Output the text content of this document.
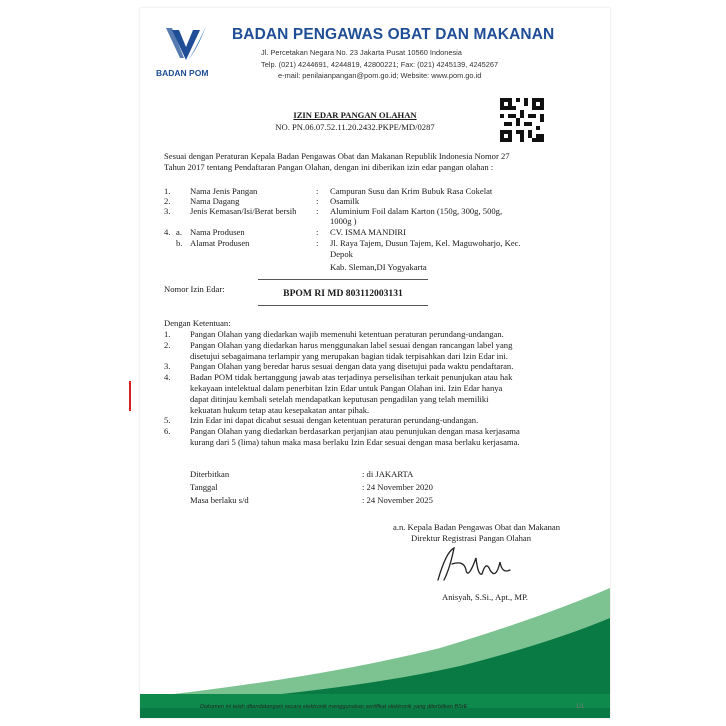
BADAN POM
BADAN PENGAWAS OBAT DAN MAKANAN
Jl. Percetakan Negara No. 23 Jakarta Pusat 10560 Indonesia
Telp. (021) 4244691, 4244819, 42800221; Fax: (021) 4245139, 4245267
e-mail: penilaianpangan@pom.go.id; Website: www.pom.go.id
IZIN EDAR PANGAN OLAHAN
NO. PN.06.07.52.11.20.2432.PKPE/MD/0287
Sesuai dengan Peraturan Kepala Badan Pengawas Obat dan Makanan Republik Indonesia Nomor 27
Tahun 2017 tentang Pendaftaran Pangan Olahan, dengan ini diberikan izin edar pangan olahan :
1. Nama Jenis Pangan	: Campuran Susu dan Krim Bubuk Rasa Cokelat
2. Nama Dagang	: Osamilk
3. Jenis Kemasan/Isi/Berat bersih : Aluminium Foil dalam Karton (150g, 300g, 500g,
1000g )
4. a. Nama Produsen	: CV. ISMA MANDIRI
b. Alamat Produsen	: Jl. Raya Tajem, Dusun Tajem, Kel. Maguwoharjo, Kec.
Depok
Kab. Sleman,DI Yogyakarta
Nomor Izin Edar:	BPOM RI MD 803112003131
Dengan Ketentuan:
1. Pangan Olahan yang diedarkan wajib memenuhi ketentuan peraturan perundang-undangan.
2. Pangan Olahan yang diedarkan harus menggunakan label sesuai dengan rancangan label yang
disetujui sebagaimana terlampir yang merupakan bagian tidak terpisahkan dari Izin Edar ini.
3. Pangan Olahan yang beredar harus sesuai dengan data yang disetujui pada waktu pendaftaran.
4. Badan POM tidak bertanggung jawab atas terjadinya perselisihan terkait penunjukan atau hak
kekayaan intelektual dalam penerbitan Izin Edar untuk Pangan Olahan ini. Izin Edar hanya
dapat ditinjau kembali setelah mendapatkan keputusan pengadilan yang telah memiliki
kekuatan hukum tetap atau kesepakatan antar pihak.
5. Izin Edar ini dapat dicabut sesuai dengan ketentuan peraturan perundang-undangan.
6. Pangan Olahan yang diedarkan berdasarkan perjanjian atau penunjukan dengan masa kerjasama
kurang dari 5 (lima) tahun maka masa berlaku Izin Edar sesuai dengan masa berlaku kerjasama.
Diterbitkan	: di JAKARTA
Tanggal	: 24 November 2020
Masa berlaku s/d	: 24 November 2025
a.n. Kepala Badan Pengawas Obat dan Makanan
Direktur Registrasi Pangan Olahan
Anisyah, S.Si., Apt., MP.
Dokumen ini telah ditandatangani secara elektronik menggunakan sertifikat elektronik yang diterbitkan BSrE	1/1
